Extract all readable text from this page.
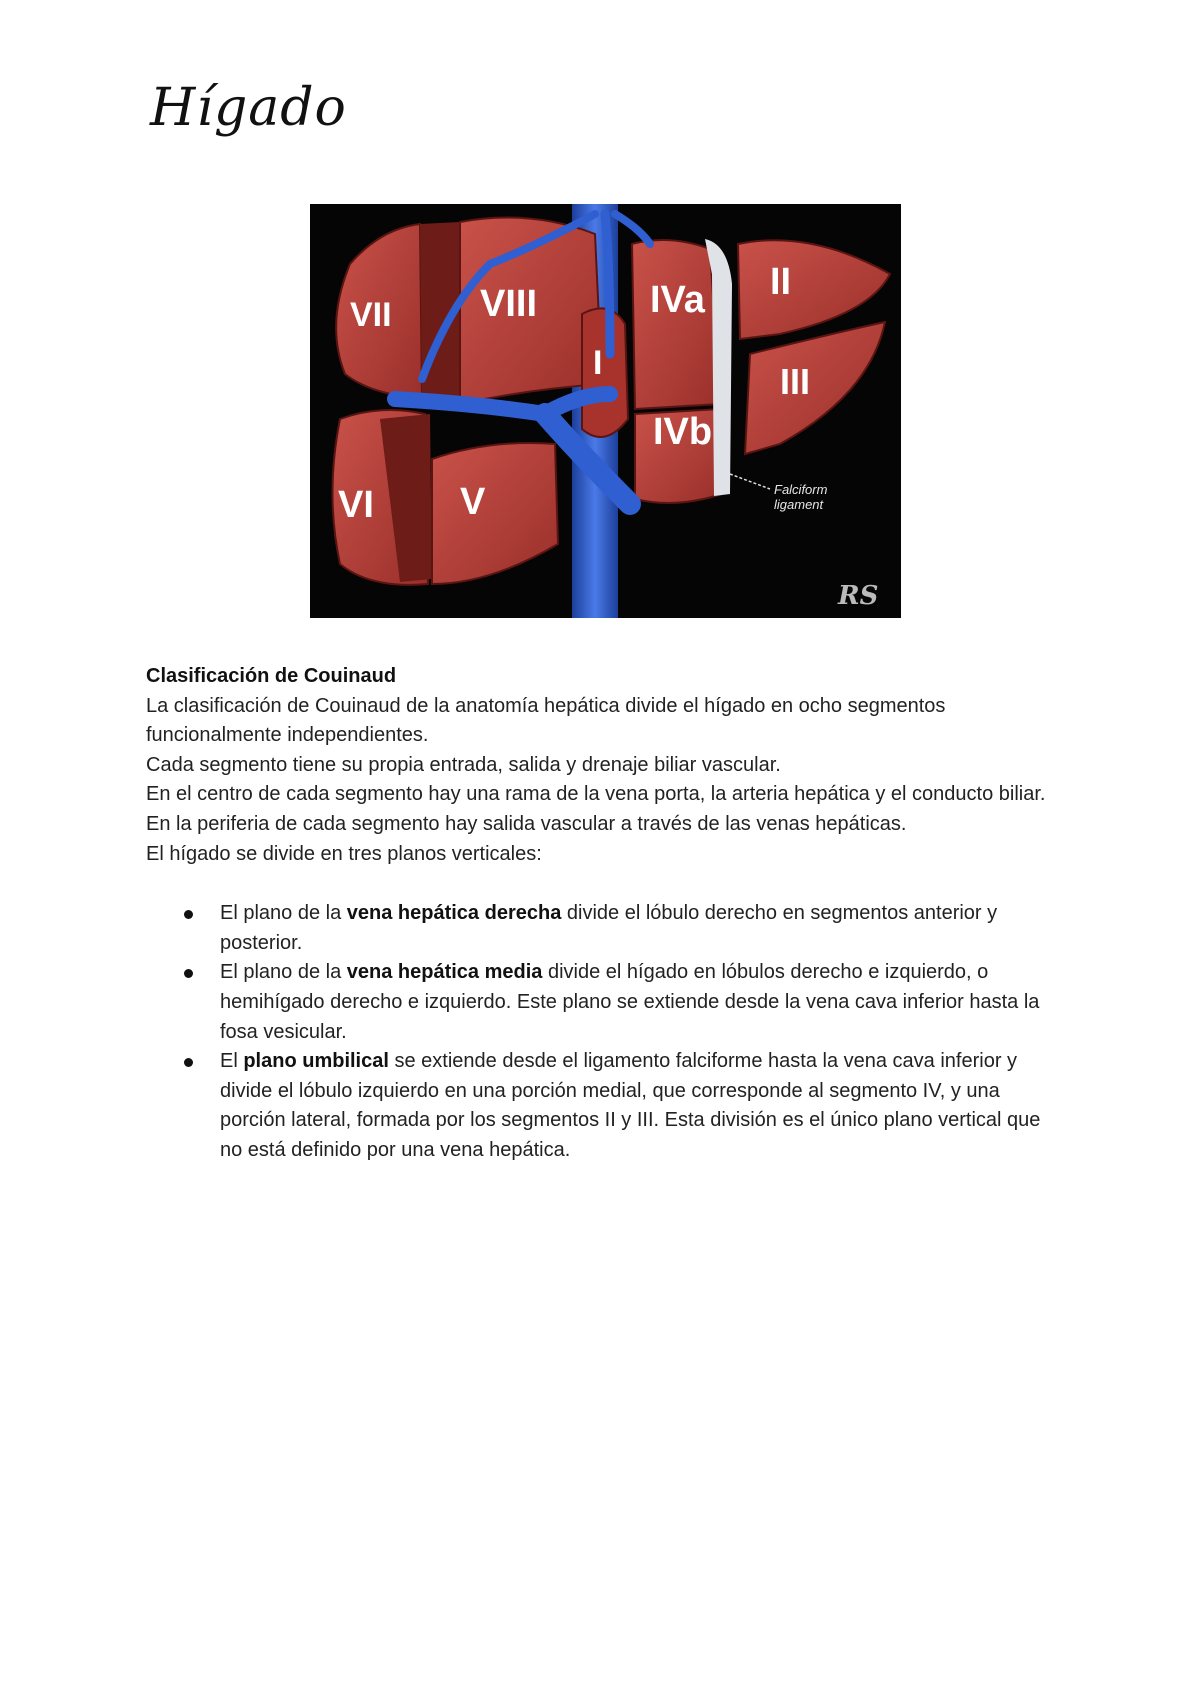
Hígado
VII VIII	IVa II
I	III
IVb
VI V	Falciform
ligament
RS

Clasificación de Couinaud

La clasificación de Couinaud de la anatomía hepática divide el hígado en ocho segmentos funcionalmente independientes.

Cada segmento tiene su propia entrada, salida y drenaje biliar vascular.

En el centro de cada segmento hay una rama de la vena porta, la arteria hepática y el conducto biliar.

En la periferia de cada segmento hay salida vascular a través de las venas hepáticas.

El hígado se divide en tres planos verticales:

El plano de la vena hepática derecha divide el lóbulo derecho en segmentos anterior y posterior.
El plano de la vena hepática media divide el hígado en lóbulos derecho e izquierdo, o hemihígado derecho e izquierdo. Este plano se extiende desde la vena cava inferior hasta la fosa vesicular.
El plano umbilical se extiende desde el ligamento falciforme hasta la vena cava inferior y divide el lóbulo izquierdo en una porción medial, que corresponde al segmento IV, y una porción lateral, formada por los segmentos II y III. Esta división es el único plano vertical que no está definido por una vena hepática.
